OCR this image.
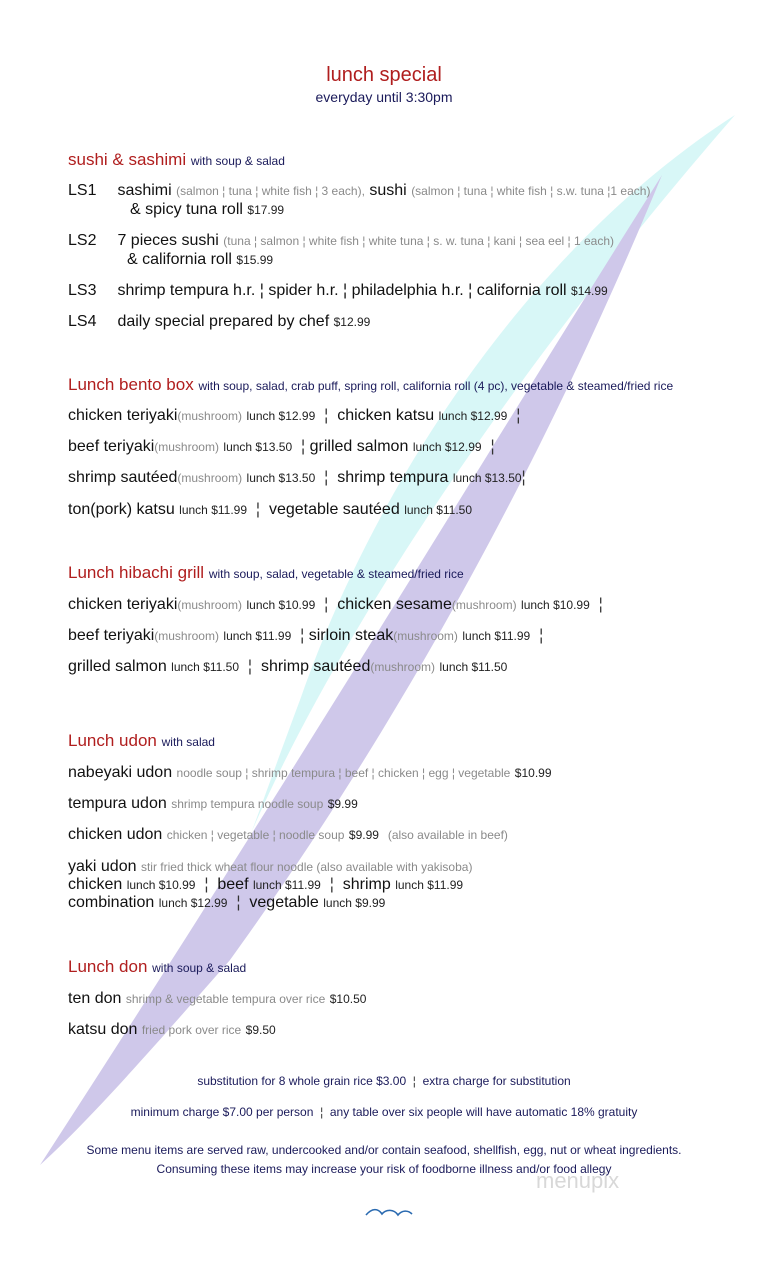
lunch special
everyday until 3:30pm
sushi & sashimi with soup & salad
LS1 sashimi (salmon ¦ tuna ¦ white fish ¦ 3 each), sushi (salmon ¦ tuna ¦ white fish ¦ s.w. tuna ¦1 each)
& spicy tuna roll $17.99
LS2 7 pieces sushi (tuna ¦ salmon ¦ white fish ¦ white tuna ¦ s. w. tuna ¦ kani ¦ sea eel ¦ 1 each)
& california roll $15.99
LS3 shrimp tempura h.r. ¦ spider h.r. ¦ philadelphia h.r. ¦ california roll $14.99
LS4 daily special prepared by chef $12.99
Lunch bento box with soup, salad, crab puff, spring roll, california roll (4 pc), vegetable & steamed/fried rice
chicken teriyaki(mushroom) lunch $12.99 ¦ chicken katsu lunch $12.99 ¦
beef teriyaki(mushroom) lunch $13.50 ¦ grilled salmon lunch $12.99 ¦
shrimp sautéed(mushroom) lunch $13.50 ¦ shrimp tempura lunch $13.50¦
ton(pork) katsu lunch $11.99 ¦ vegetable sautéed lunch $11.50
Lunch hibachi grill with soup, salad, vegetable & steamed/fried rice
chicken teriyaki(mushroom) lunch $10.99 ¦ chicken sesame(mushroom) lunch $10.99 ¦
beef teriyaki(mushroom) lunch $11.99 ¦ sirloin steak(mushroom) lunch $11.99 ¦
grilled salmon lunch $11.50 ¦ shrimp sautéed(mushroom) lunch $11.50
Lunch udon with salad
nabeyaki udon noodle soup ¦ shrimp tempura ¦ beef ¦ chicken ¦ egg ¦ vegetable $10.99
tempura udon shrimp tempura noodle soup $9.99
chicken udon chicken ¦ vegetable ¦ noodle soup $9.99 (also available in beef)
yaki udon stir fried thick wheat flour noodle (also available with yakisoba)
chicken lunch $10.99 ¦ beef lunch $11.99 ¦ shrimp lunch $11.99
combination lunch $12.99 ¦ vegetable lunch $9.99
Lunch don with soup & salad
ten don shrimp & vegetable tempura over rice $10.50
katsu don fried pork over rice $9.50
substitution for 8 whole grain rice $3.00 ¦ extra charge for substitution
minimum charge $7.00 per person ¦ any table over six people will have automatic 18% gratuity
Some menu items are served raw, undercooked and/or contain seafood, shellfish, egg, nut or wheat ingredients.
Consuming these items may increase your risk of foodborne illness and/or food allegy
menupix
